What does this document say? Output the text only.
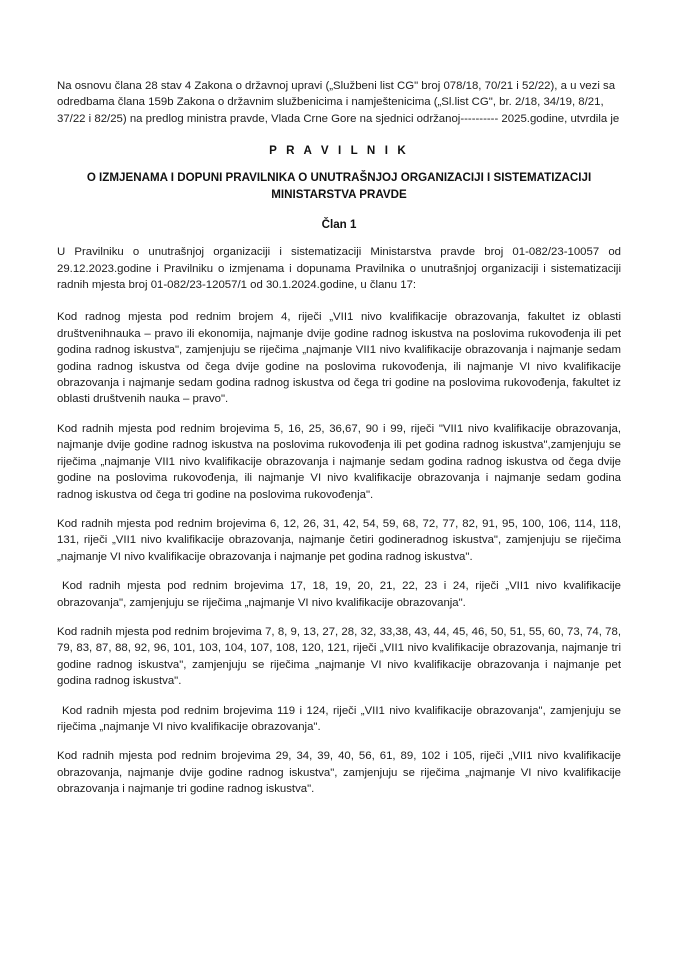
Na osnovu člana 28 stav 4 Zakona o državnoj upravi („Službeni list CG" broj 078/18, 70/21 i 52/22), a u vezi sa odredbama člana 159b Zakona o državnim službenicima i namještenicima („Sl.list CG", br. 2/18, 34/19, 8/21, 37/22 i 82/25) na predlog ministra pravde, Vlada Crne Gore na sjednici održanoj---------- 2025.godine, utvrdila je

P R A V I L N I K
O IZMJENAMA I DOPUNI PRAVILNIKA O UNUTRAŠNJOJ ORGANIZACIJI I SISTEMATIZACIJI MINISTARSTVA PRAVDE
Član 1

U Pravilniku o unutrašnjoj organizaciji i sistematizaciji Ministarstva pravde broj 01-082/23-10057 od 29.12.2023.godine i Pravilniku o izmjenama i dopunama Pravilnika o unutrašnjoj organizaciji i sistematizaciji radnih mjesta broj 01-082/23-12057/1 od 30.1.2024.godine, u članu 17:

Kod radnog mjesta pod rednim brojem 4, riječi „VII1 nivo kvalifikacije obrazovanja, fakultet iz oblasti društvenihnauka – pravo ili ekonomija, najmanje dvije godine radnog iskustva na poslovima rukovođenja ili pet godina radnog iskustva", zamjenjuju se riječima „najmanje VII1 nivo kvalifikacije obrazovanja i najmanje sedam godina radnog iskustva od čega dvije godine na poslovima rukovođenja, ili najmanje VI nivo kvalifikacije obrazovanja i najmanje sedam godina radnog iskustva od čega tri godine na poslovima rukovođenja, fakultet iz oblasti društvenih nauka – pravo".

Kod radnih mjesta pod rednim brojevima 5, 16, 25, 36,67, 90 i 99, riječi "VII1 nivo kvalifikacije obrazovanja, najmanje dvije godine radnog iskustva na poslovima rukovođenja ili pet godina radnog iskustva",zamjenjuju se riječima „najmanje VII1 nivo kvalifikacije obrazovanja i najmanje sedam godina radnog iskustva od čega dvije godine na poslovima rukovođenja, ili najmanje VI nivo kvalifikacije obrazovanja i najmanje sedam godina radnog iskustva od čega tri godine na poslovima rukovođenja".

Kod radnih mjesta pod rednim brojevima 6, 12, 26, 31, 42, 54, 59, 68, 72, 77, 82, 91, 95, 100, 106, 114, 118, 131, riječi „VII1 nivo kvalifikacije obrazovanja, najmanje četiri godineradnog iskustva", zamjenjuju se riječima „najmanje VI nivo kvalifikacije obrazovanja i najmanje pet godina radnog iskustva".

Kod radnih mjesta pod rednim brojevima 17, 18, 19, 20, 21, 22, 23 i 24, riječi „VII1 nivo kvalifikacije obrazovanja", zamjenjuju se riječima „najmanje VI nivo kvalifikacije obrazovanja".

Kod radnih mjesta pod rednim brojevima 7, 8, 9, 13, 27, 28, 32, 33,38, 43, 44, 45, 46, 50, 51, 55, 60, 73, 74, 78, 79, 83, 87, 88, 92, 96, 101, 103, 104, 107, 108, 120, 121, riječi „VII1 nivo kvalifikacije obrazovanja, najmanje tri godine radnog iskustva", zamjenjuju se riječima „najmanje VI nivo kvalifikacije obrazovanja i najmanje pet godina radnog iskustva".

Kod radnih mjesta pod rednim brojevima 119 i 124, riječi „VII1 nivo kvalifikacije obrazovanja", zamjenjuju se riječima „najmanje VI nivo kvalifikacije obrazovanja".

Kod radnih mjesta pod rednim brojevima 29, 34, 39, 40, 56, 61, 89, 102 i 105, riječi „VII1 nivo kvalifikacije obrazovanja, najmanje dvije godine radnog iskustva", zamjenjuju se riječima „najmanje VI nivo kvalifikacije obrazovanja i najmanje tri godine radnog iskustva".
